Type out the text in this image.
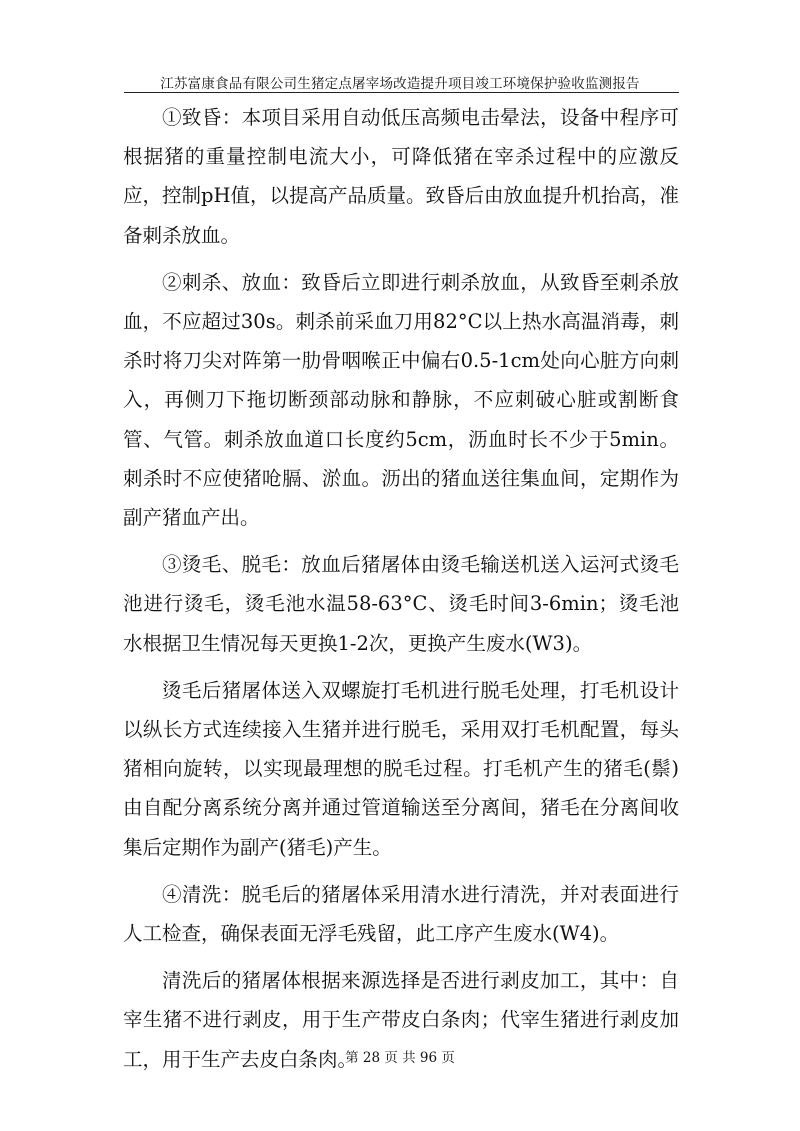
江苏富康食品有限公司生猪定点屠宰场改造提升项目竣工环境保护验收监测报告

①致昏：本项目采用自动低压高频电击晕法，设备中程序可根据猪的重量控制电流大小，可降低猪在宰杀过程中的应激反应，控制pH值，以提高产品质量。致昏后由放血提升机抬高，准备刺杀放血。

②刺杀、放血：致昏后立即进行刺杀放血，从致昏至刺杀放血，不应超过30s。刺杀前采血刀用82°C以上热水高温消毒，刺杀时将刀尖对阵第一肋骨咽喉正中偏右0.5-1cm处向心脏方向刺入，再侧刀下拖切断颈部动脉和静脉，不应刺破心脏或割断食管、气管。刺杀放血道口长度约5cm，沥血时长不少于5min。刺杀时不应使猪呛膈、淤血。沥出的猪血送往集血间，定期作为副产猪血产出。

③烫毛、脱毛：放血后猪屠体由烫毛输送机送入运河式烫毛池进行烫毛，烫毛池水温58-63°C、烫毛时间3-6min；烫毛池水根据卫生情况每天更换1-2次，更换产生废水(W3)。

烫毛后猪屠体送入双螺旋打毛机进行脱毛处理，打毛机设计以纵长方式连续接入生猪并进行脱毛，采用双打毛机配置，每头猪相向旋转，以实现最理想的脱毛过程。打毛机产生的猪毛(鬃)由自配分离系统分离并通过管道输送至分离间，猪毛在分离间收集后定期作为副产(猪毛)产生。

④清洗：脱毛后的猪屠体采用清水进行清洗，并对表面进行人工检查，确保表面无浮毛残留，此工序产生废水(W4)。

清洗后的猪屠体根据来源选择是否进行剥皮加工，其中：自宰生猪不进行剥皮，用于生产带皮白条肉；代宰生猪进行剥皮加工，用于生产去皮白条肉。

第 28 页 共 96 页
